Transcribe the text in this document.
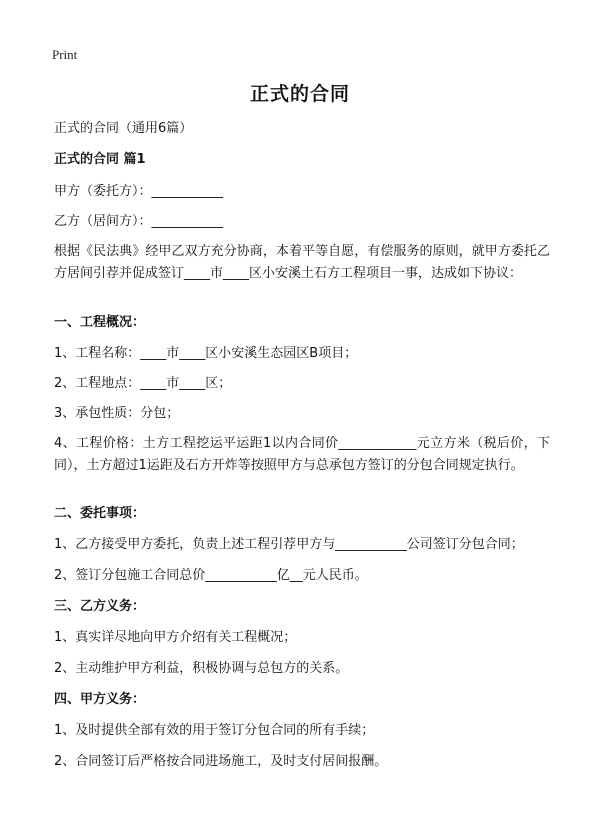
Print
正式的合同
正式的合同（通用6篇）
正式的合同 篇1
甲方（委托方）：___________
乙方（居间方）：___________
根据《民法典》经甲乙双方充分协商，本着平等自愿，有偿服务的原则，就甲方委托乙方居间引荐并促成签订____市____区小安溪土石方工程项目一事，达成如下协议：
一、工程概况：
1、工程名称：____市____区小安溪生态园区B项目；
2、工程地点：____市____区；
3、承包性质：分包；
4、工程价格：土方工程挖运平运距1以内合同价____________元立方米（税后价，下同），土方超过1运距及石方开炸等按照甲方与总承包方签订的分包合同规定执行。
二、委托事项：
1、乙方接受甲方委托，负责上述工程引荐甲方与___________公司签订分包合同；
2、签订分包施工合同总价___________亿__元人民币。
三、乙方义务：
1、真实详尽地向甲方介绍有关工程概况；
2、主动维护甲方利益，积极协调与总包方的关系。
四、甲方义务：
1、及时提供全部有效的用于签订分包合同的所有手续；
2、合同签订后严格按合同进场施工，及时支付居间报酬。
